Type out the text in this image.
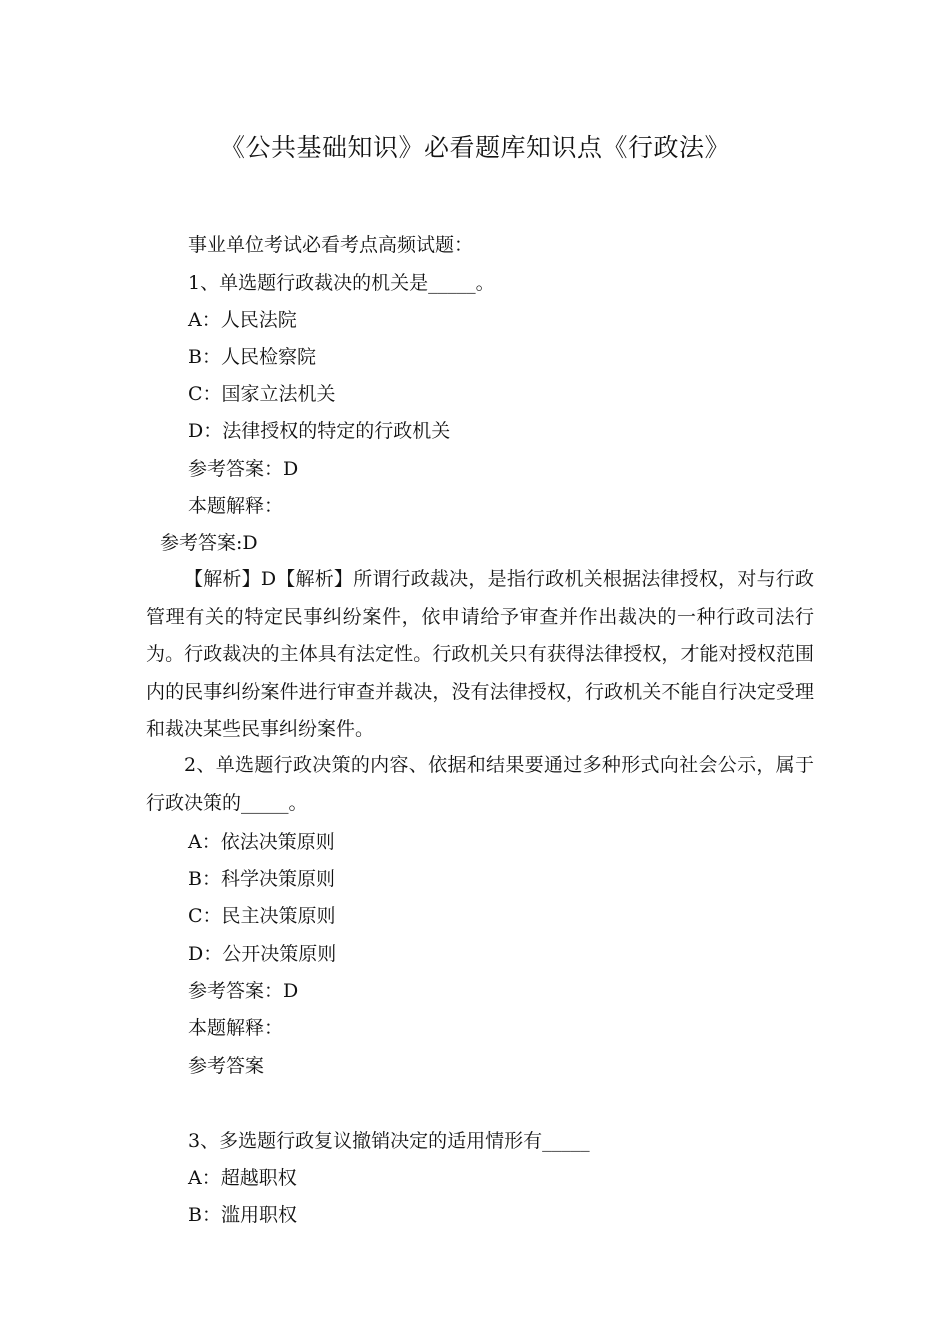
《公共基础知识》必看题库知识点《行政法》
事业单位考试必看考点高频试题：
1、单选题行政裁决的机关是_____。
A：人民法院
B：人民检察院
C：国家立法机关
D：法律授权的特定的行政机关
参考答案：D
本题解释：
参考答案:D
【解析】D【解析】所谓行政裁决，是指行政机关根据法律授权，对与行政管理有关的特定民事纠纷案件，依申请给予审查并作出裁决的一种行政司法行为。行政裁决的主体具有法定性。行政机关只有获得法律授权，才能对授权范围内的民事纠纷案件进行审查并裁决，没有法律授权，行政机关不能自行决定受理和裁决某些民事纠纷案件。
2、单选题行政决策的内容、依据和结果要通过多种形式向社会公示，属于行政决策的_____。
A：依法决策原则
B：科学决策原则
C：民主决策原则
D：公开决策原则
参考答案：D
本题解释：
参考答案
3、多选题行政复议撤销决定的适用情形有_____
A：超越职权
B：滥用职权
